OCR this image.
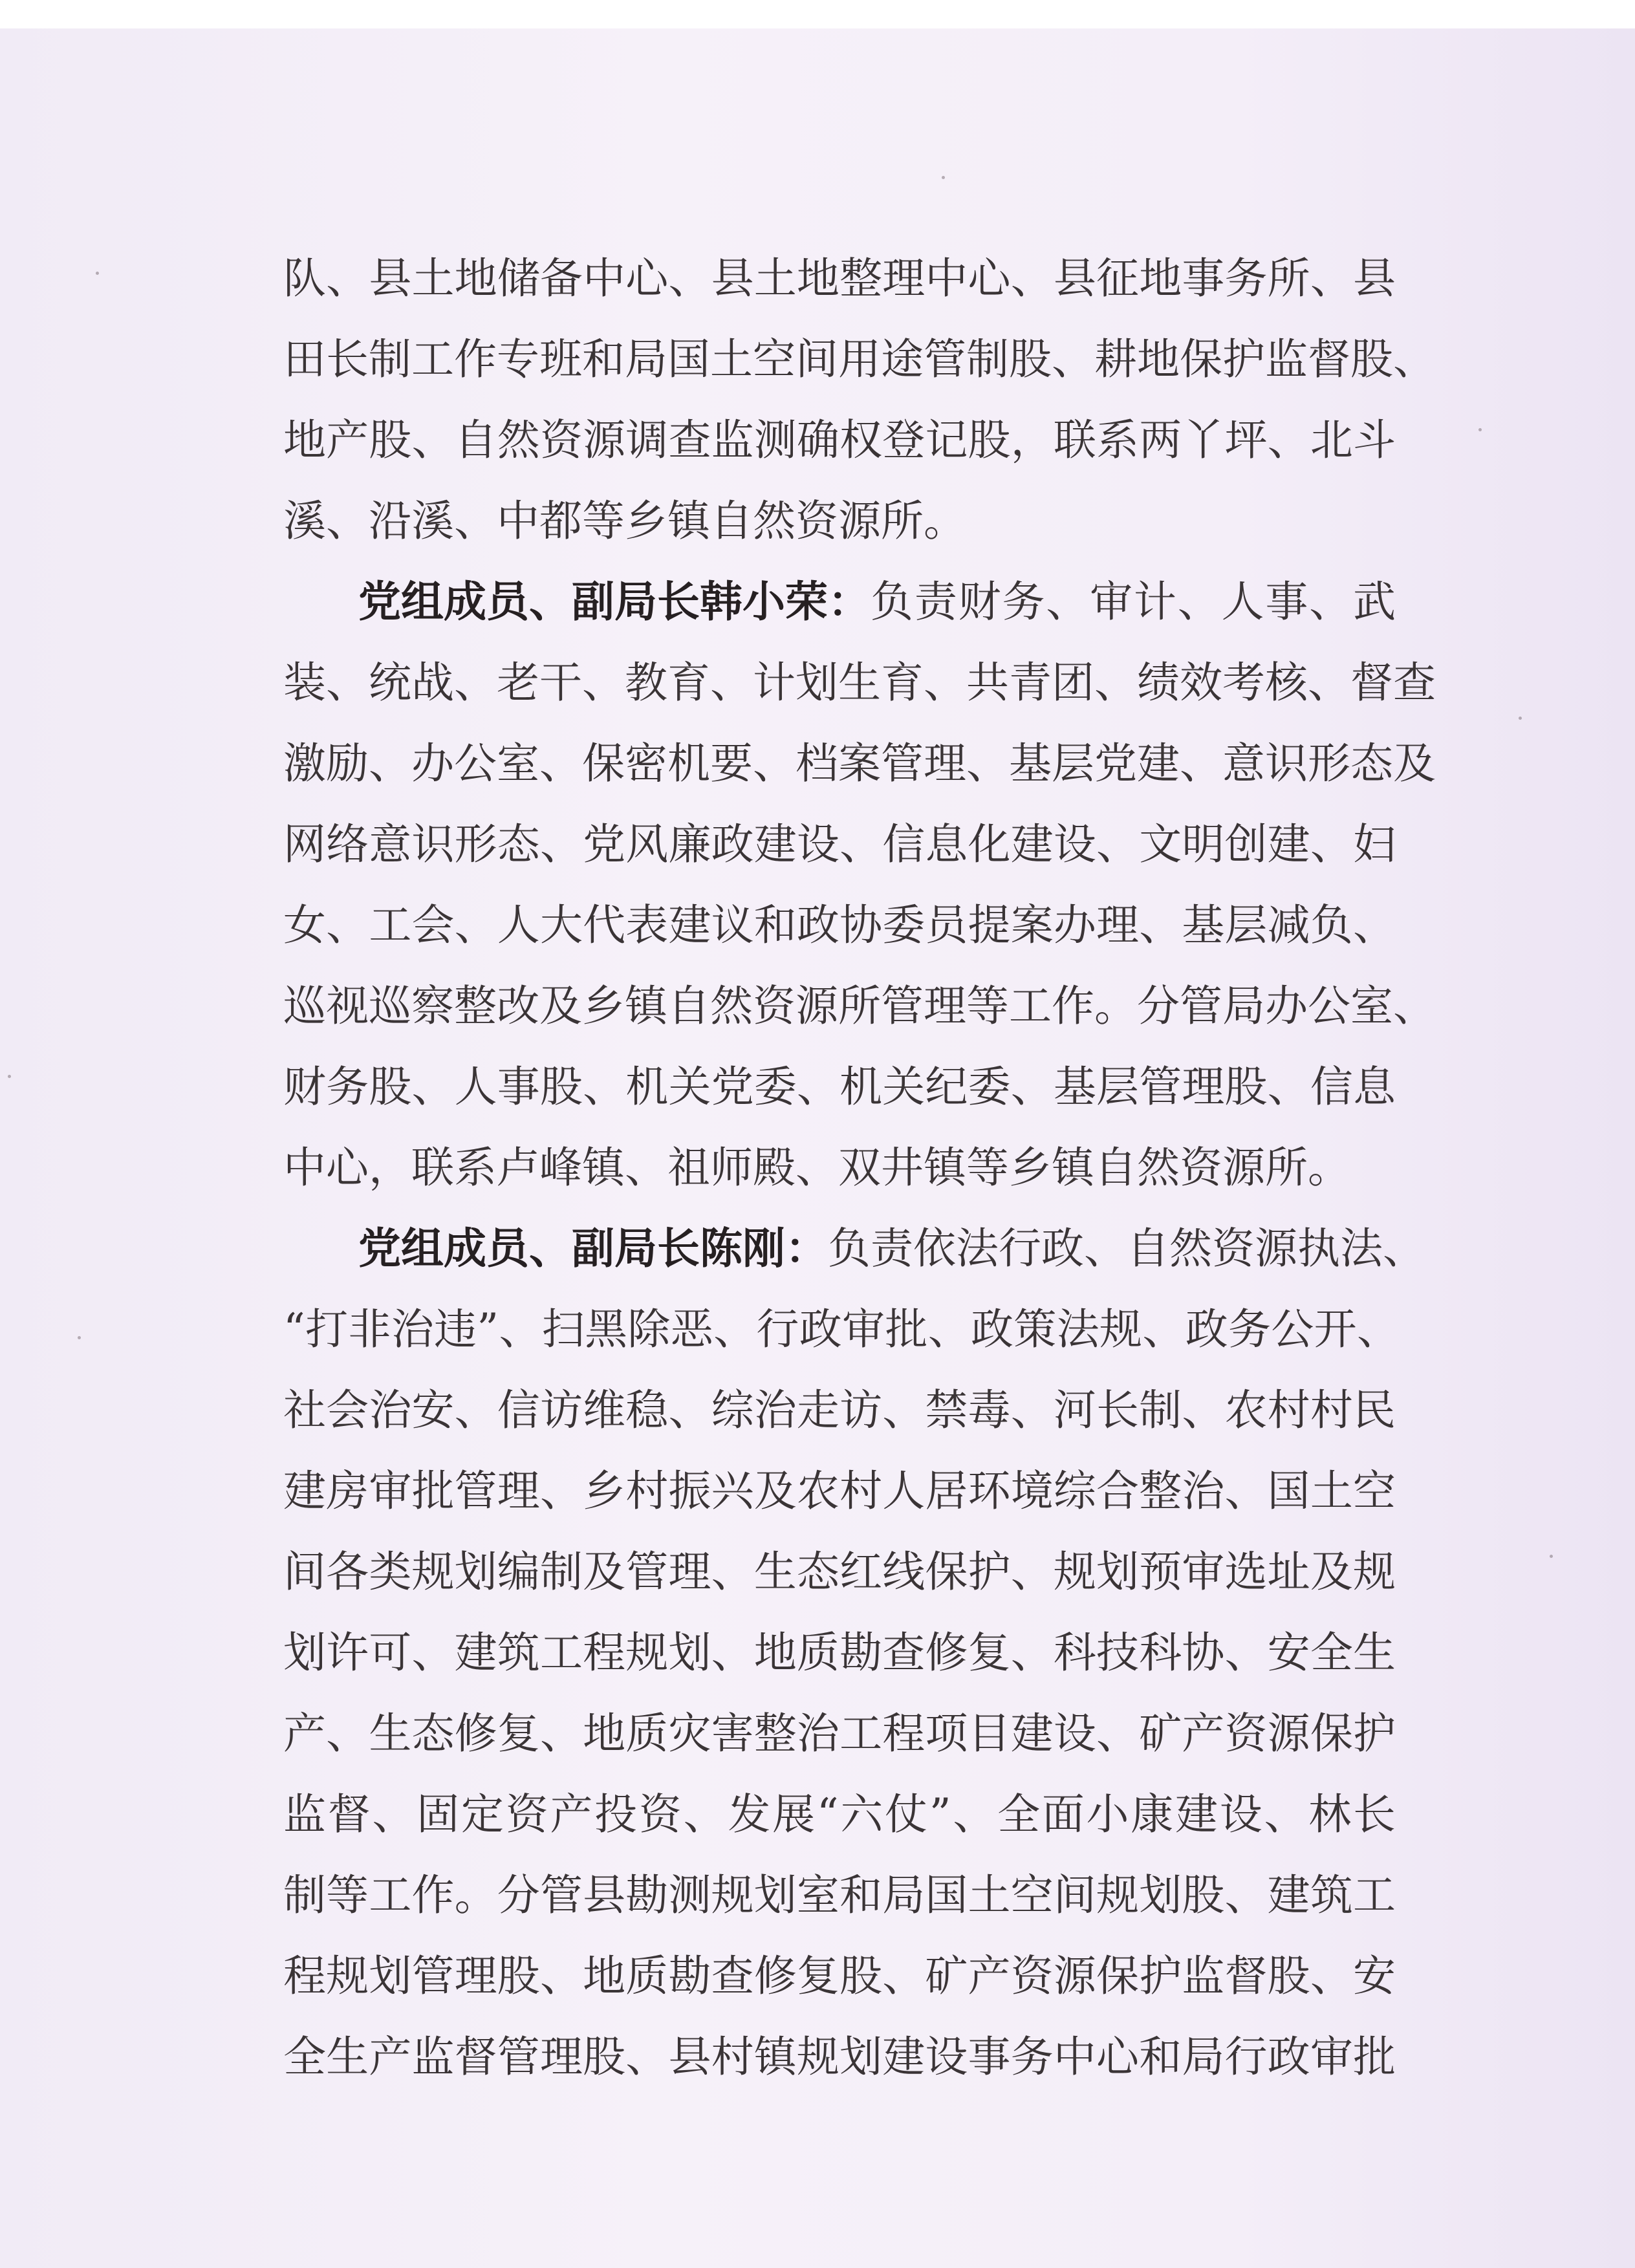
队、县土地储备中心、县土地整理中心、县征地事务所、县
田长制工作专班和局国土空间用途管制股、耕地保护监督股、
地产股、自然资源调查监测确权登记股，联系两丫坪、北斗
溪、沿溪、中都等乡镇自然资源所。
党组成员、副局长韩小荣： 负责财务、审计、人事、武
装、统战、老干、教育、计划生育、共青团、绩效考核、督查
激励、办公室、保密机要、档案管理、基层党建、意识形态及
网络意识形态、党风廉政建设、信息化建设、文明创建、妇
女、工会、人大代表建议和政协委员提案办理、基层减负、
巡视巡察整改及乡镇自然资源所管理等工作。分管局办公室、
财务股、人事股、机关党委、机关纪委、基层管理股、信息
中心，联系卢峰镇、祖师殿、双井镇等乡镇自然资源所。
党组成员、副局长陈刚： 负责依法行政、自然资源执法、
“打非治违”、扫黑除恶、行政审批、政策法规、政务公开、
社会治安、信访维稳、综治走访、禁毒、河长制、农村村民
建房审批管理、乡村振兴及农村人居环境综合整治、国土空
间各类规划编制及管理、生态红线保护、规划预审选址及规
划许可、建筑工程规划、地质勘查修复、科技科协、安全生
产、生态修复、地质灾害整治工程项目建设、矿产资源保护
监督、固定资产投资、发展“六仗”、全面小康建设、林长
制等工作。分管县勘测规划室和局国土空间规划股、建筑工
程规划管理股、地质勘查修复股、矿产资源保护监督股、安
全生产监督管理股、县村镇规划建设事务中心和局行政审批
